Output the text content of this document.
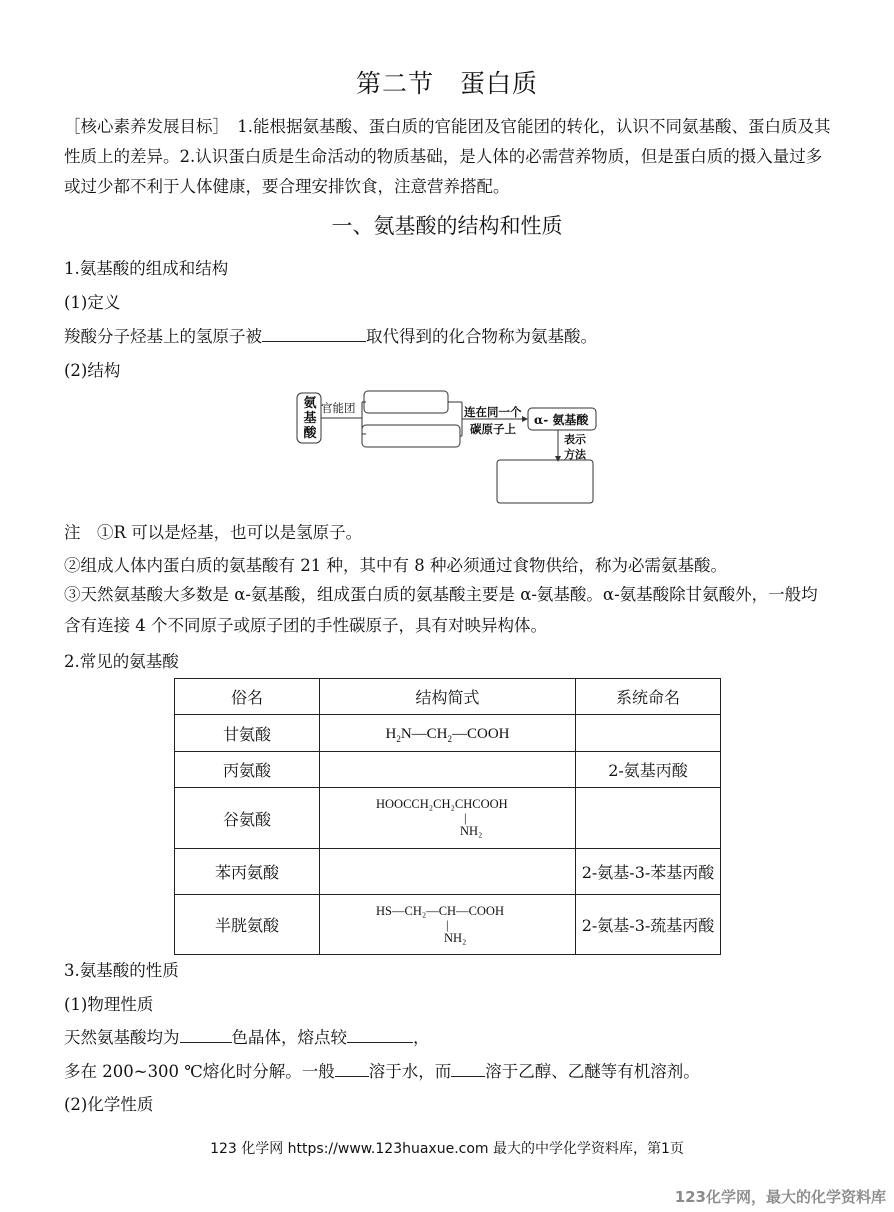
第二节 蛋白质
［核心素养发展目标］　1.能根据氨基酸、蛋白质的官能团及官能团的转化，认识不同氨基酸、蛋白质及其性质上的差异。2.认识蛋白质是生命活动的物质基础，是人体的必需营养物质，但是蛋白质的摄入量过多或过少都不利于人体健康，要合理安排饮食，注意营养搭配。
一、氨基酸的结构和性质
1.氨基酸的组成和结构
(1)定义
羧酸分子烃基上的氢原子被	取代得到的化合物称为氨基酸。
(2)结构
氨基酸
官能团	连在同一个
碳原子上
α- 氨基酸
表示
方法
注　①R 可以是烃基，也可以是氢原子。
②组成人体内蛋白质的氨基酸有 21 种，其中有 8 种必须通过食物供给，称为必需氨基酸。
③天然氨基酸大多数是 α-氨基酸，组成蛋白质的氨基酸主要是 α-氨基酸。α-氨基酸除甘氨酸外，一般均含有连接 4 个不同原子或原子团的手性碳原子，具有对映异构体。
2.常见的氨基酸
俗名	结构简式	系统命名
甘氨酸	$H_2N—CH_2—COOH$	
丙氨酸		2-氨基丙酸
谷氨酸	HOOCCH₂CH₂CHCOOH
|
NH₂	

苯丙氨酸		2-氨基-3-苯基丙酸
半胱氨酸	HS—CH₂—CH—COOH
|
NH₂	2-氨基-3-巯基丙酸
3.氨基酸的性质
(1)物理性质
天然氨基酸均为	色晶体，熔点较	，
多在 200~300 ℃熔化时分解。一般 溶于水，而 溶于乙醇、乙醚等有机溶剂。
(2)化学性质
123 化学网 https://www.123huaxue.com 最大的中学化学资料库，第1页
123化学网，最大的化学资料库
